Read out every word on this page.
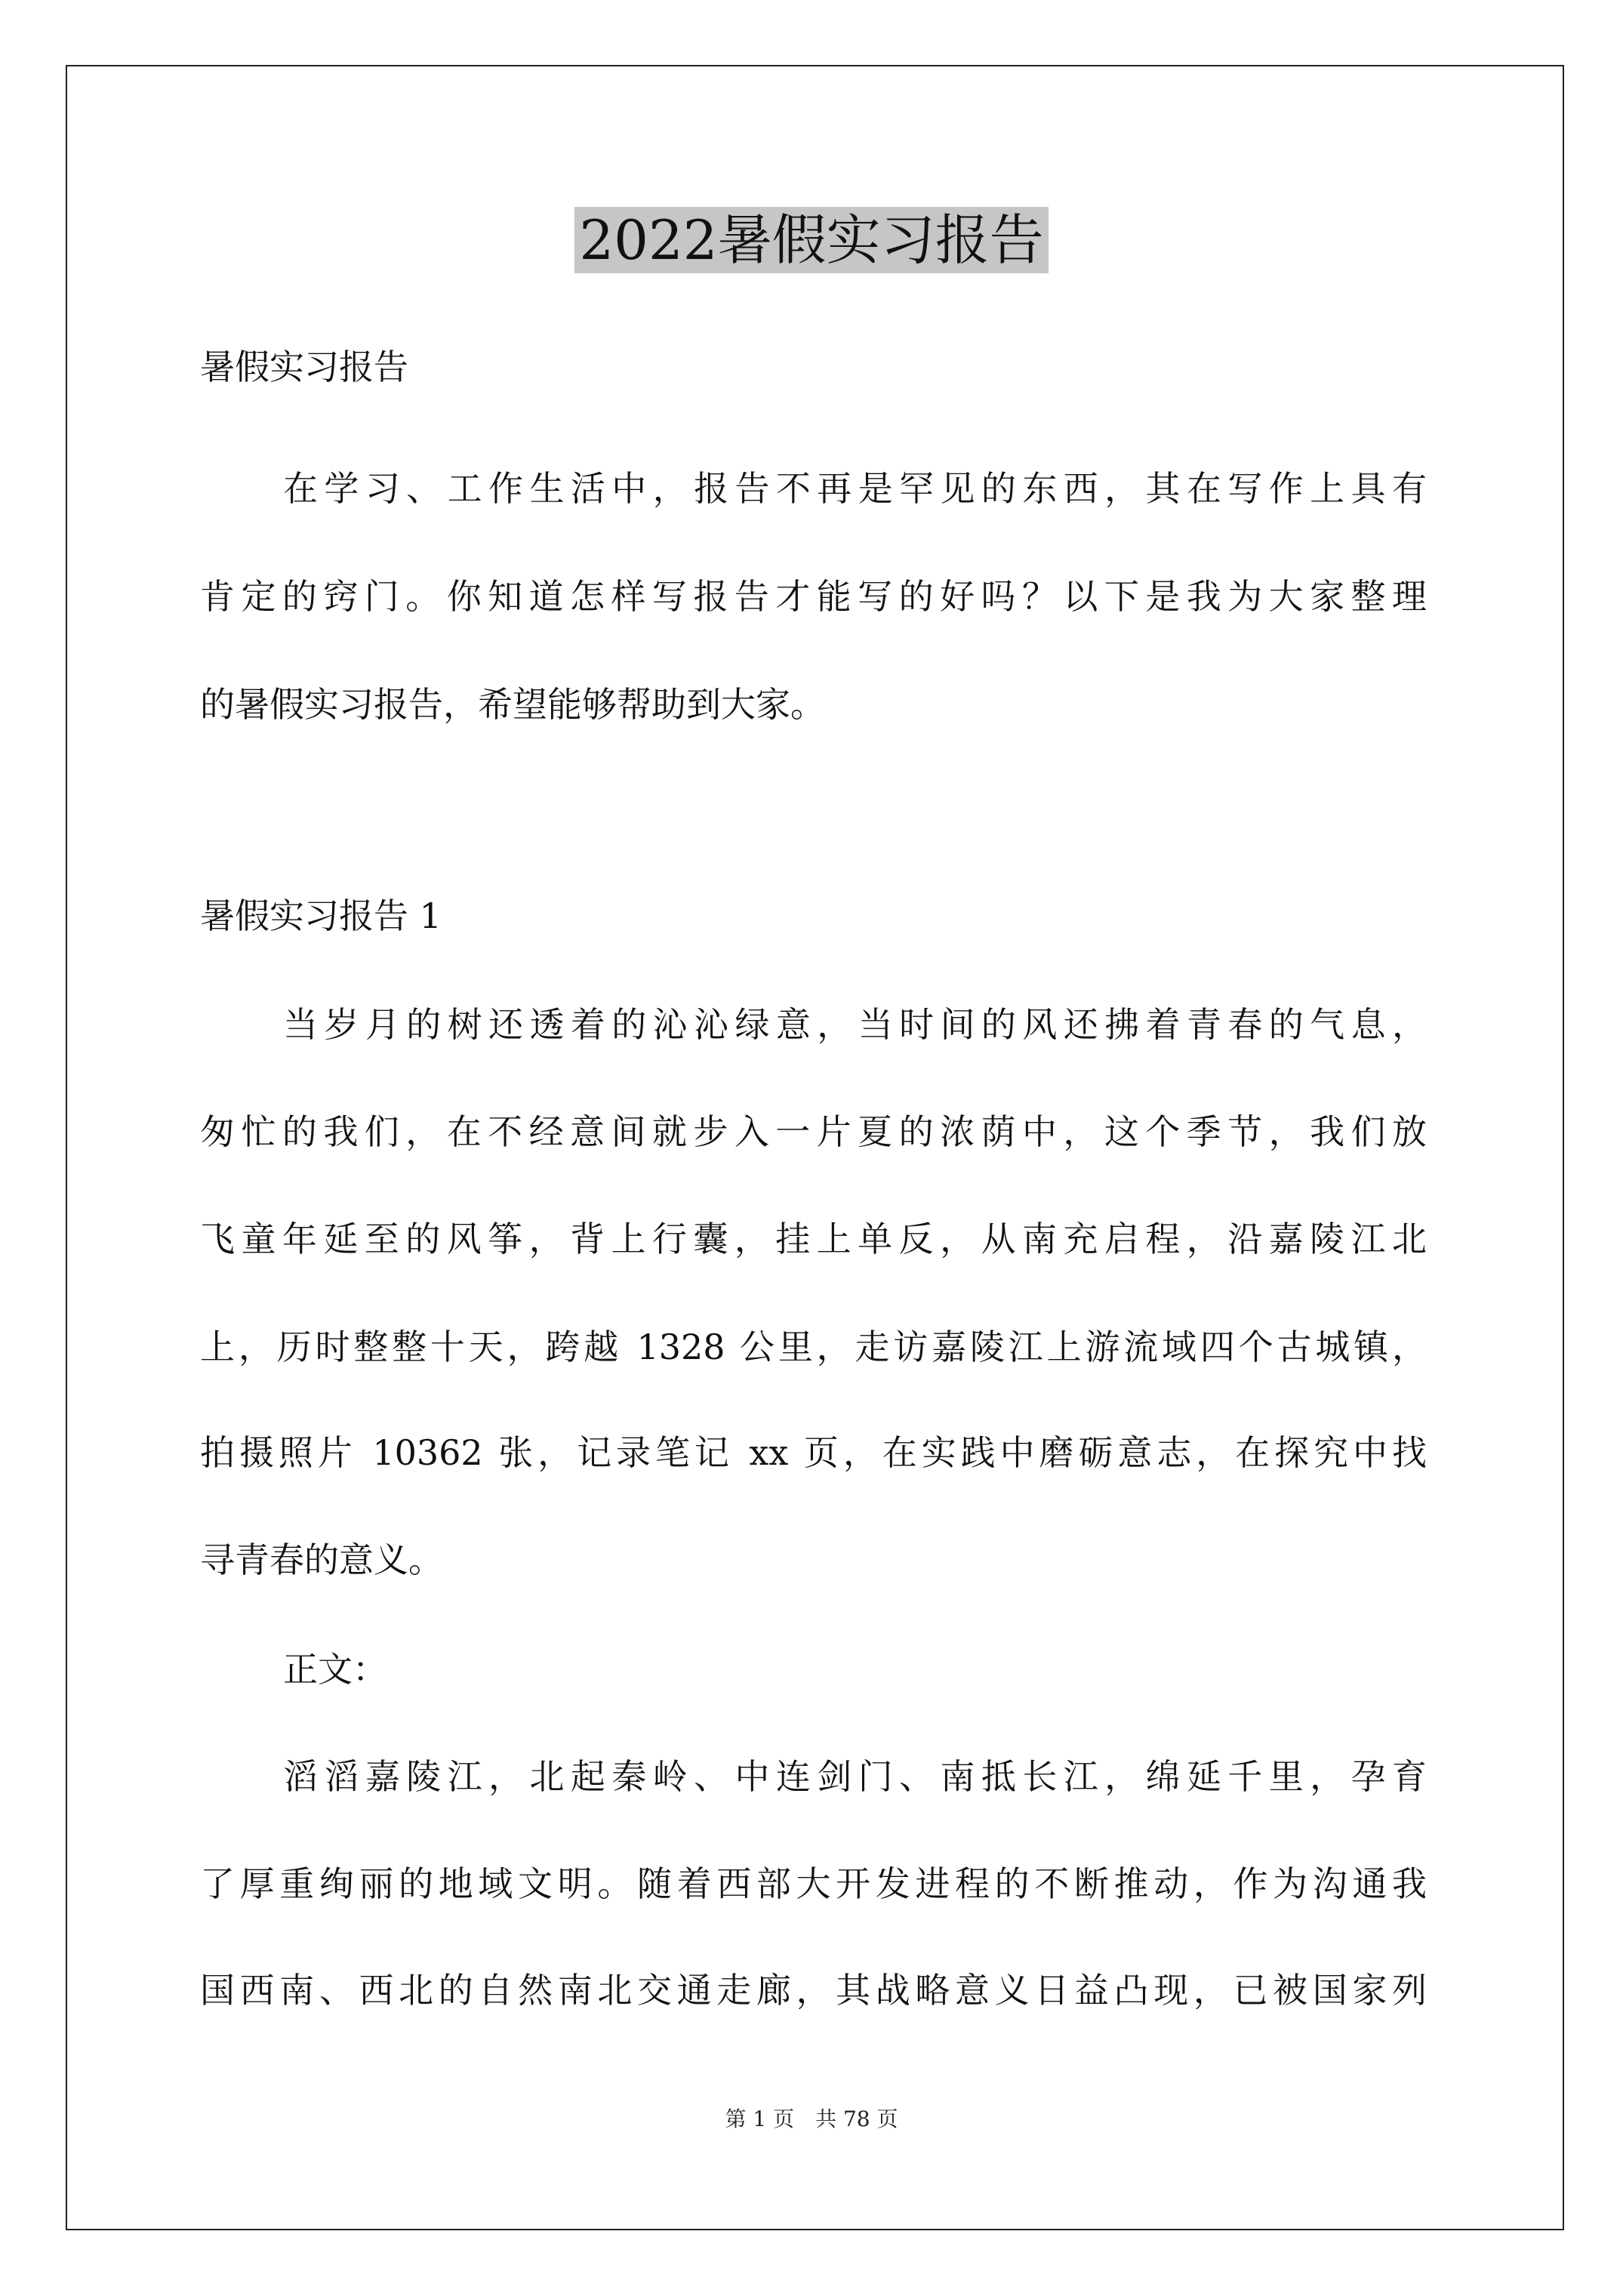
2022暑假实习报告
暑假实习报告
在学习、工作生活中，报告不再是罕见的东西，其在写作上具有
肯定的窍门。你知道怎样写报告才能写的好吗？以下是我为大家整理
的暑假实习报告，希望能够帮助到大家。
暑假实习报告 1
当岁月的树还透着的沁沁绿意，当时间的风还拂着青春的气息，
匆忙的我们，在不经意间就步入一片夏的浓荫中，这个季节，我们放
飞童年延至的风筝，背上行囊，挂上单反，从南充启程，沿嘉陵江北
上，历时整整十天，跨越 1328 公里，走访嘉陵江上游流域四个古城镇，
拍摄照片 10362 张，记录笔记 xx 页，在实践中磨砺意志，在探究中找
寻青春的意义。
正文：
滔滔嘉陵江，北起秦岭、中连剑门、南抵长江，绵延千里，孕育
了厚重绚丽的地域文明。随着西部大开发进程的不断推动，作为沟通我
国西南、西北的自然南北交通走廊，其战略意义日益凸现，已被国家列
第 1 页　共 78 页
